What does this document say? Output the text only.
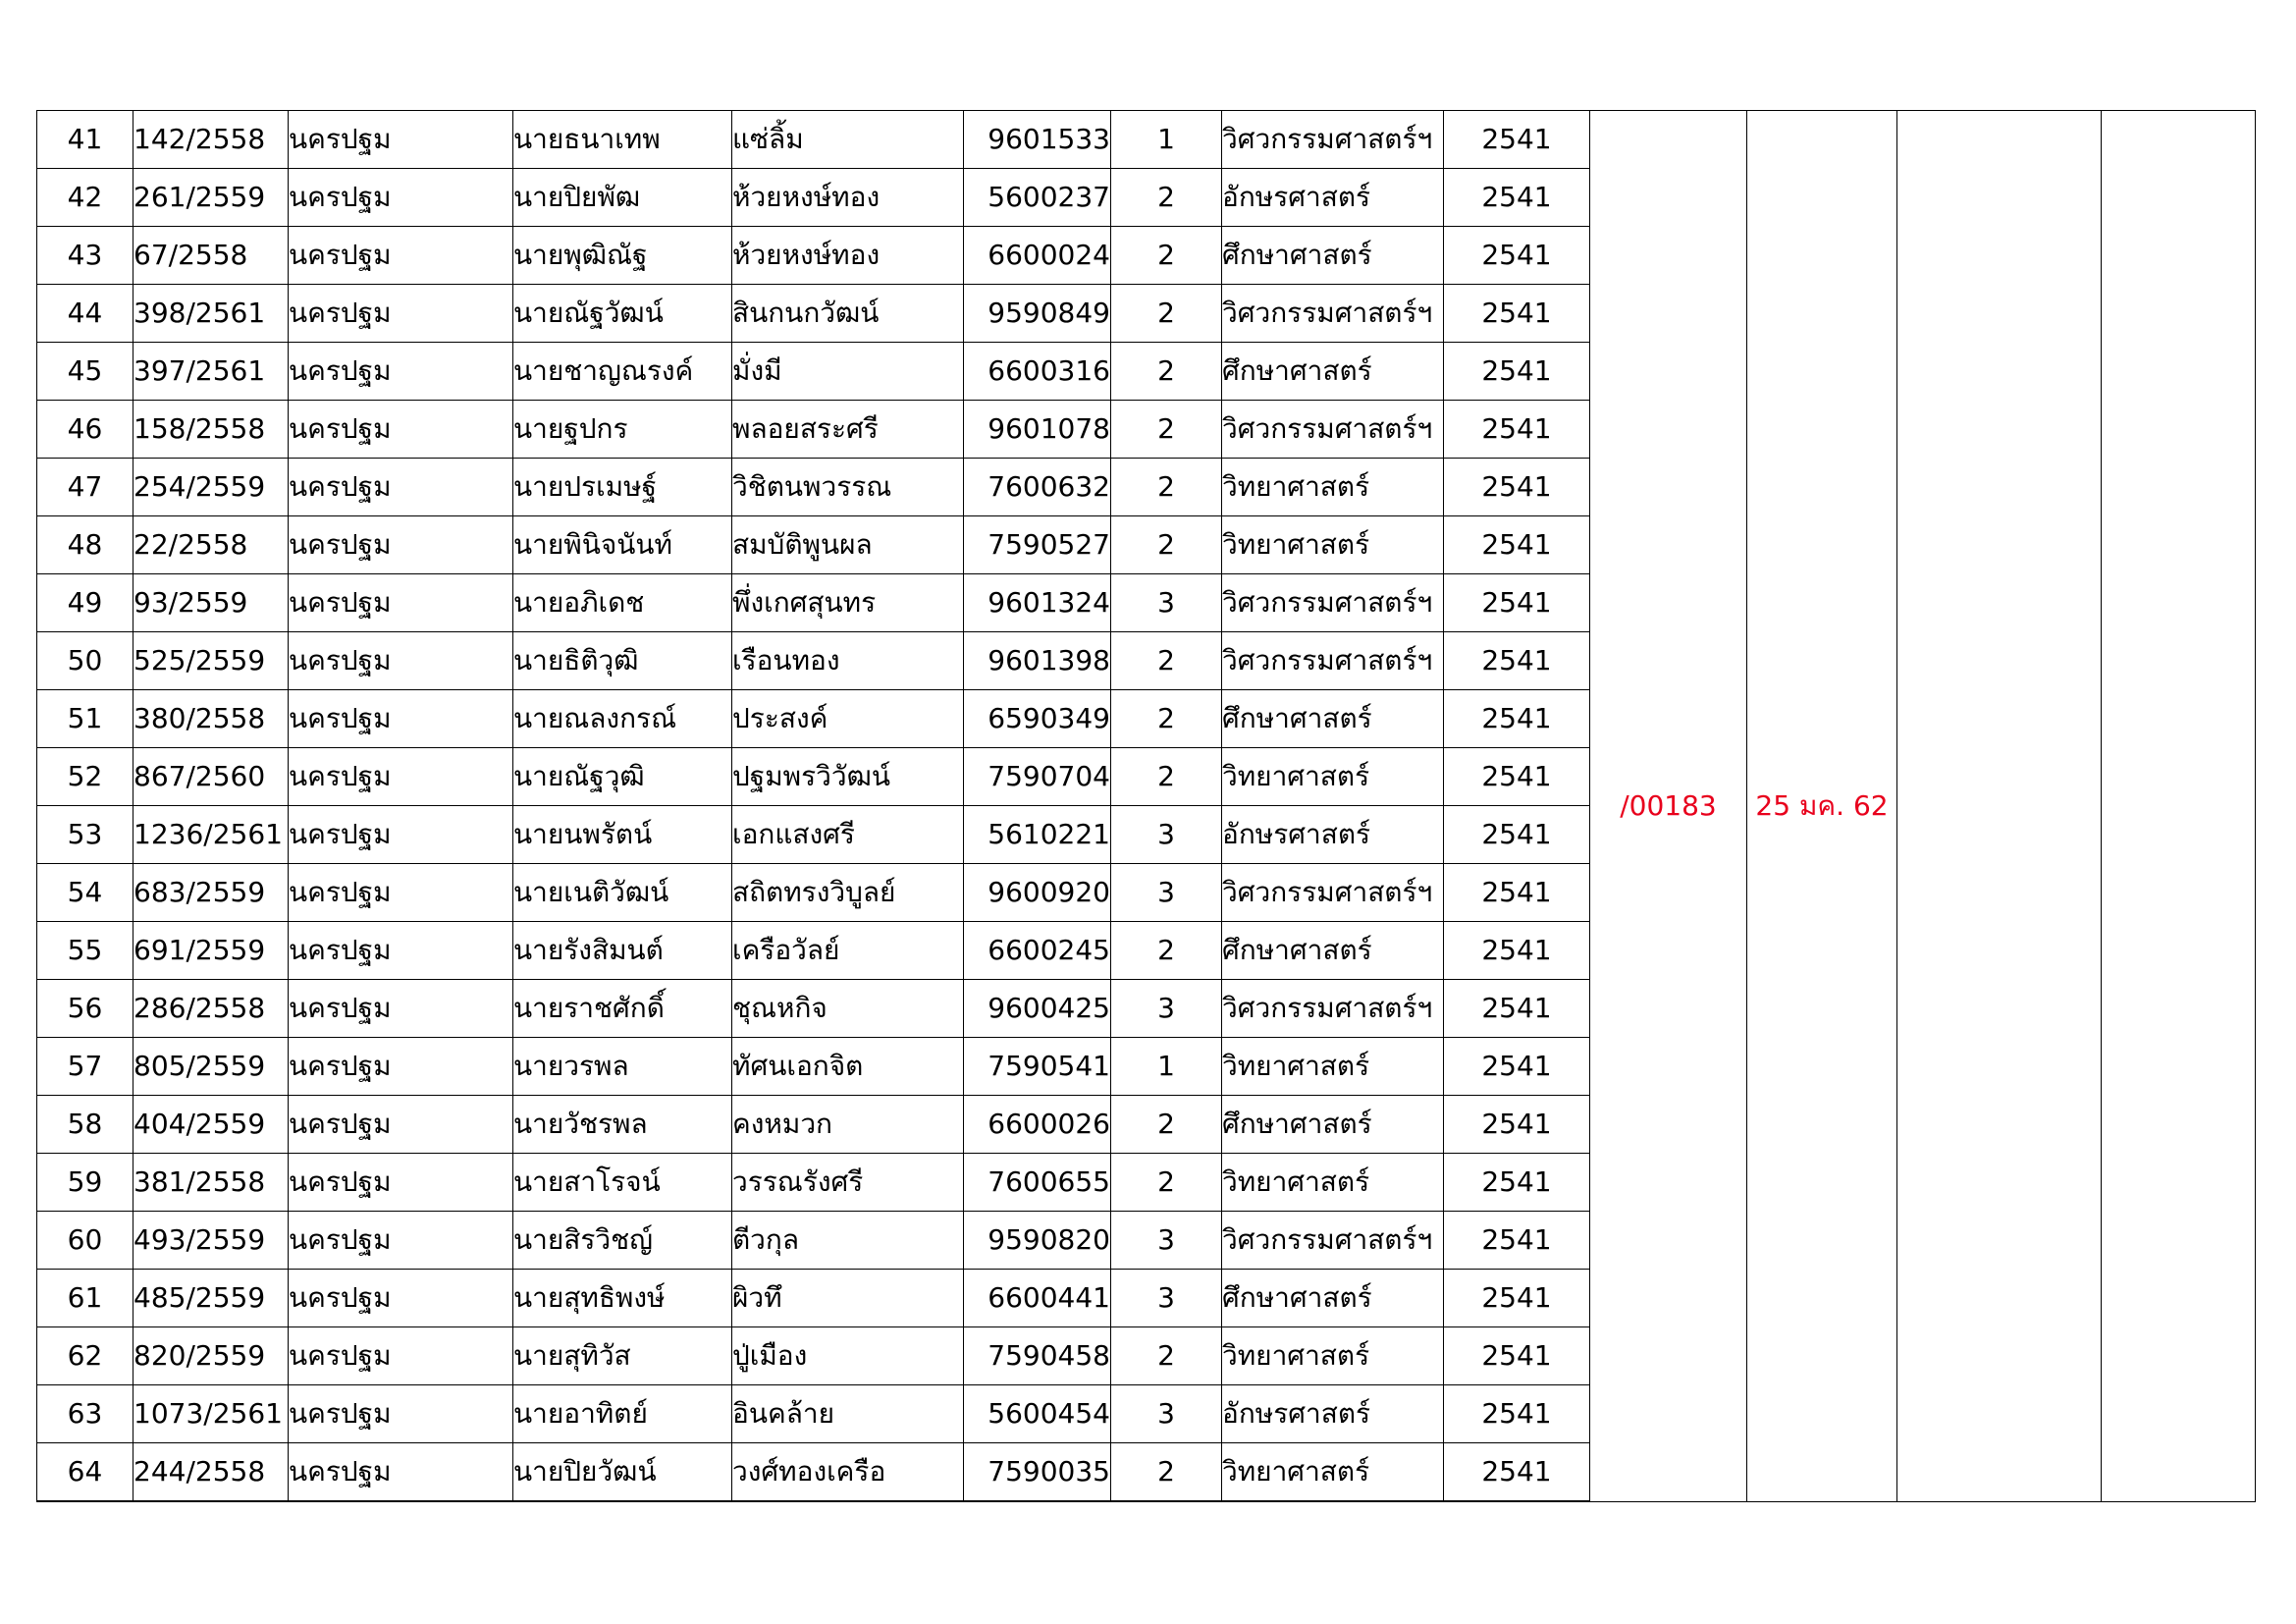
41	142/2558	นครปฐม	นายธนาเทพ	แซ่ลิ้ม	9601533	1	วิศวกรรมศาสตร์ฯ	2541	/00183	25 มค. 62		
42	261/2559	นครปฐม	นายปิยพัฒ	ห้วยหงษ์ทอง	5600237	2	อักษรศาสตร์	2541				
43	67/2558	นครปฐม	นายพุฒิณัฐ	ห้วยหงษ์ทอง	6600024	2	ศึกษาศาสตร์	2541				
44	398/2561	นครปฐม	นายณัฐวัฒน์	สินกนกวัฒน์	9590849	2	วิศวกรรมศาสตร์ฯ	2541				
45	397/2561	นครปฐม	นายชาญณรงค์	มั่งมี	6600316	2	ศึกษาศาสตร์	2541				
46	158/2558	นครปฐม	นายฐปกร	พลอยสระศรี	9601078	2	วิศวกรรมศาสตร์ฯ	2541				
47	254/2559	นครปฐม	นายปรเมษฐ์	วิชิตนพวรรณ	7600632	2	วิทยาศาสตร์	2541				
48	22/2558	นครปฐม	นายพินิจนันท์	สมบัติพูนผล	7590527	2	วิทยาศาสตร์	2541				
49	93/2559	นครปฐม	นายอภิเดช	พึ่งเกศสุนทร	9601324	3	วิศวกรรมศาสตร์ฯ	2541				
50	525/2559	นครปฐม	นายธิติวุฒิ	เรือนทอง	9601398	2	วิศวกรรมศาสตร์ฯ	2541				
51	380/2558	นครปฐม	นายณลงกรณ์	ประสงค์	6590349	2	ศึกษาศาสตร์	2541				
52	867/2560	นครปฐม	นายณัฐวุฒิ	ปฐมพรวิวัฒน์	7590704	2	วิทยาศาสตร์	2541				
53	1236/2561	นครปฐม	นายนพรัตน์	เอกแสงศรี	5610221	3	อักษรศาสตร์	2541				
54	683/2559	นครปฐม	นายเนติวัฒน์	สถิตทรงวิบูลย์	9600920	3	วิศวกรรมศาสตร์ฯ	2541				
55	691/2559	นครปฐม	นายรังสิมนต์	เครือวัลย์	6600245	2	ศึกษาศาสตร์	2541				
56	286/2558	นครปฐม	นายราชศักดิ์	ชุณหกิจ	9600425	3	วิศวกรรมศาสตร์ฯ	2541				
57	805/2559	นครปฐม	นายวรพล	ทัศนเอกจิต	7590541	1	วิทยาศาสตร์	2541				
58	404/2559	นครปฐม	นายวัชรพล	คงหมวก	6600026	2	ศึกษาศาสตร์	2541				
59	381/2558	นครปฐม	นายสาโรจน์	วรรณรังศรี	7600655	2	วิทยาศาสตร์	2541				
60	493/2559	นครปฐม	นายสิรวิชญ์	ตีวกุล	9590820	3	วิศวกรรมศาสตร์ฯ	2541				
61	485/2559	นครปฐม	นายสุทธิพงษ์	ผิวทึ	6600441	3	ศึกษาศาสตร์	2541				
62	820/2559	นครปฐม	นายสุทิวัส	ปู่เมือง	7590458	2	วิทยาศาสตร์	2541				
63	1073/2561	นครปฐม	นายอาทิตย์	อินคล้าย	5600454	3	อักษรศาสตร์	2541				
64	244/2558	นครปฐม	นายปิยวัฒน์	วงศ์ทองเครือ	7590035	2	วิทยาศาสตร์	2541				
